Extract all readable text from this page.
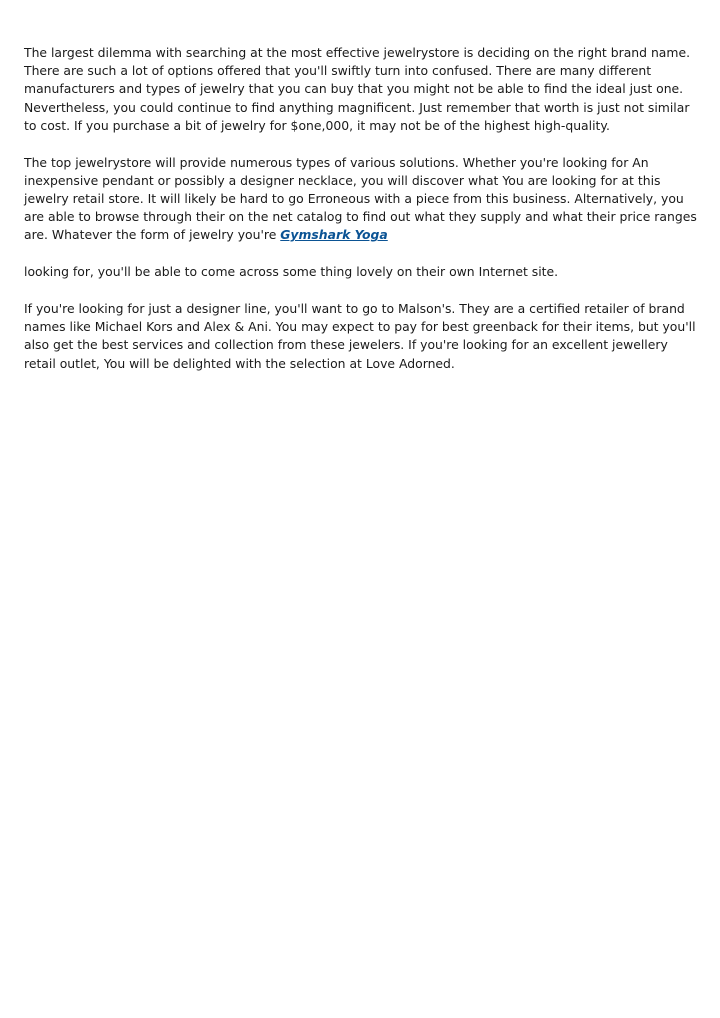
The largest dilemma with searching at the most effective jewelrystore is deciding on the right brand name. There are such a lot of options offered that you'll swiftly turn into confused. There are many different manufacturers and types of jewelry that you can buy that you might not be able to find the ideal just one. Nevertheless, you could continue to find anything magnificent. Just remember that worth is just not similar to cost. If you purchase a bit of jewelry for $one,000, it may not be of the highest high-quality.

The top jewelrystore will provide numerous types of various solutions. Whether you're looking for An inexpensive pendant or possibly a designer necklace, you will discover what You are looking for at this jewelry retail store. It will likely be hard to go Erroneous with a piece from this business. Alternatively, you are able to browse through their on the net catalog to find out what they supply and what their price ranges are. Whatever the form of jewelry you're Gymshark Yoga

looking for, you'll be able to come across some thing lovely on their own Internet site.

If you're looking for just a designer line, you'll want to go to Malson's. They are a certified retailer of brand names like Michael Kors and Alex & Ani. You may expect to pay for best greenback for their items, but you'll also get the best services and collection from these jewelers. If you're looking for an excellent jewellery retail outlet, You will be delighted with the selection at Love Adorned.
